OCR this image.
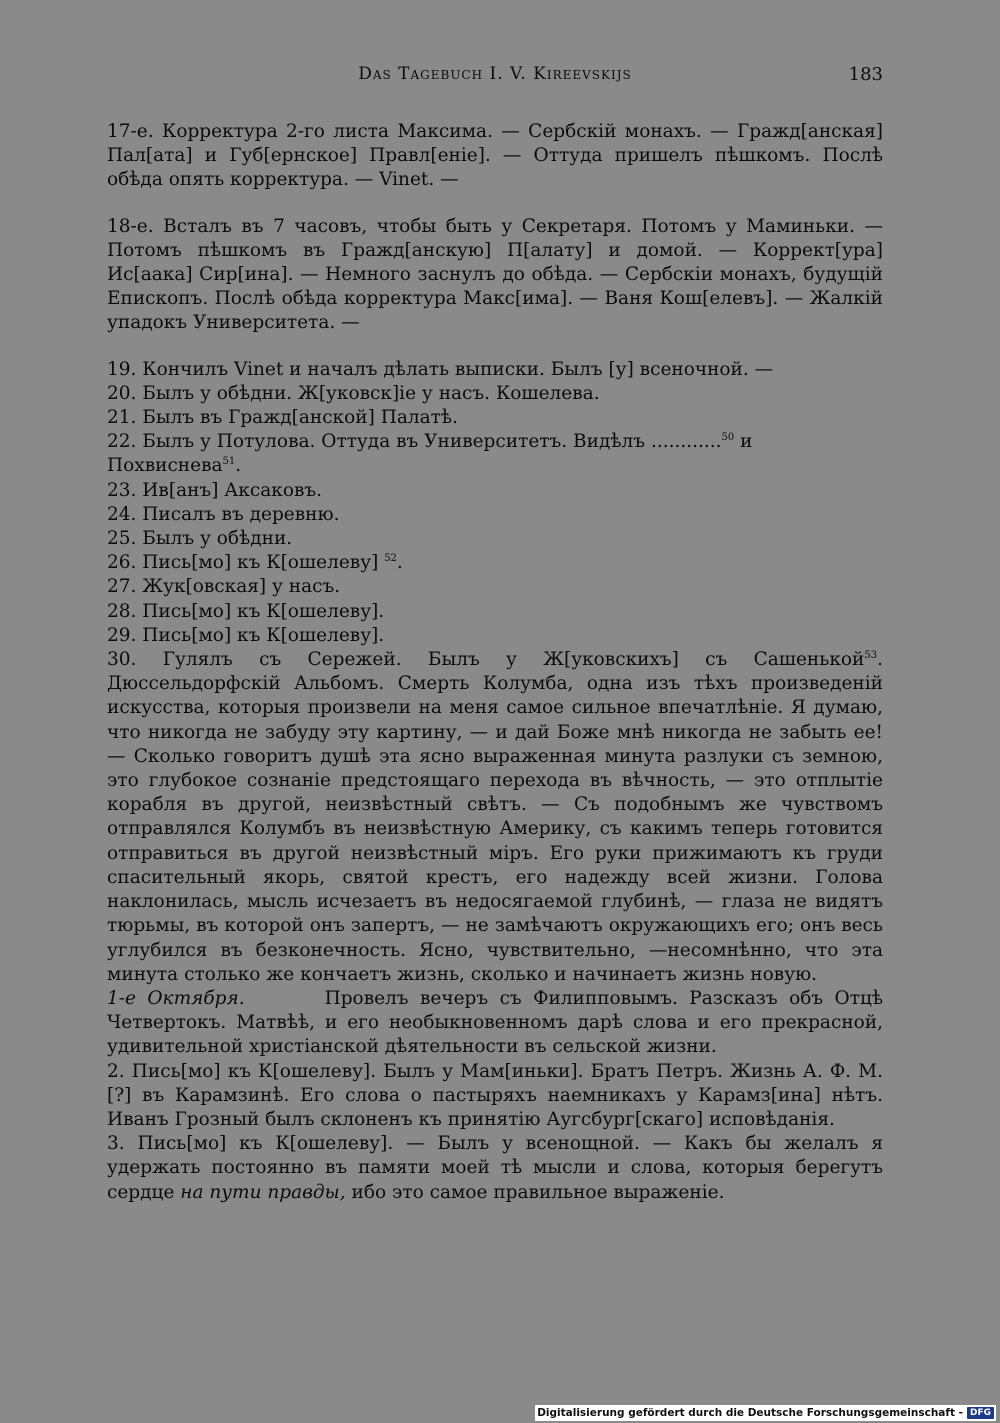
Das Tagebuch I. V. Kireevskijs	183

17-е. Корректура 2-го листа Максима. — Сербскій монахъ. — Гражд[анская] Пал[ата] и Губ[ернское] Правл[еніе]. — Оттуда пришелъ пѣшкомъ. Послѣ обѣда опять корректура. — Vinet. —

18-е. Всталъ въ 7 часовъ, чтобы быть у Секретаря. Потомъ у Маминьки. — Потомъ пѣшкомъ въ Гражд[анскую] П[алату] и домой. — Коррект[ура] Ис[аака] Сир[ина]. — Немного заснулъ до обѣда. — Сербскіи монахъ, будущій Епископъ. Послѣ обѣда корректура Макс[има]. — Ваня Кош[елевъ]. — Жалкій упадокъ Университета. —

19. Кончилъ Vinet и началъ дѣлать выписки. Былъ [у] всеночной. —

20. Былъ у обѣдни. Ж[уковск]іе у насъ. Кошелева.

21. Былъ въ Гражд[анской] Палатѣ.

22. Былъ у Потулова. Оттуда въ Университетъ. Видѣлъ ............$^{50}$ и
Похвиснева$^{51}$.

23. Ив[анъ] Аксаковъ.

24. Писалъ въ деревню.

25. Былъ у обѣдни.

26. Пись[мо] къ К[ошелеву] $^{52}$.

27. Жук[овская] у насъ.

28. Пись[мо] къ К[ошелеву].

29. Пись[мо] къ К[ошелеву].

30. Гулялъ съ Сережей. Былъ у Ж[уковскихъ] съ Сашенькой$^{53}$. Дюссельдорфскій Альбомъ. Смерть Колумба, одна изъ тѣхъ произведеній искусства, которыя произвели на меня самое сильное впечатлѣніе. Я думаю, что никогда не забуду эту картину, — и дай Боже мнѣ никогда не забыть ее! — Сколько говоритъ душѣ эта ясно выраженная минута разлуки съ земною, это глубокое сознаніе предстоящаго перехода въ вѣчность, — это отплытіе корабля въ другой, неизвѣстный свѣтъ. — Съ подобнымъ же чувствомъ отправлялся Колумбъ въ неизвѣстную Америку, съ какимъ теперь готовится отправиться въ другой неизвѣстный міръ. Его руки прижимаютъ къ груди спасительный якорь, святой крестъ, его надежду всей жизни. Голова наклонилась, мысль исчезаетъ въ недосягаемой глубинѣ, — глаза не видятъ тюрьмы, въ которой онъ запертъ, — не замѣчаютъ окружающихъ его; онъ весь углубился въ безконечность. Ясно, чувствительно, —несомнѣнно, что эта минута столько же кончаетъ жизнь, сколько и начинаетъ жизнь новую.

1-е Октября.	Провелъ вечеръ съ Филипповымъ. Разсказъ объ Отцѣ Четвертокъ. Матвѣѣ, и его необыкновенномъ дарѣ слова и его прекрасной, удивительной христіанской дѣятельности въ сельской жизни.

2. Пись[мо] къ К[ошелеву]. Былъ у Мам[иньки]. Братъ Петръ. Жизнь А. Ф. М. [?] въ Карамзинѣ. Его слова о пастыряхъ наемникахъ у Карамз[ина] нѣтъ. Иванъ Грозный былъ склоненъ къ принятію Аугсбург[скаго] исповѣданія.

3. Пись[мо] къ К[ошелеву]. — Былъ у всенощной. — Какъ бы желалъ я удержать постоянно въ памяти моей тѣ мысли и слова, которыя берегутъ сердце на пути правды, ибо это самое правильное выраженіе.

Digitalisierung gefördert durch die Deutsche Forschungsgemeinschaft - DFG
